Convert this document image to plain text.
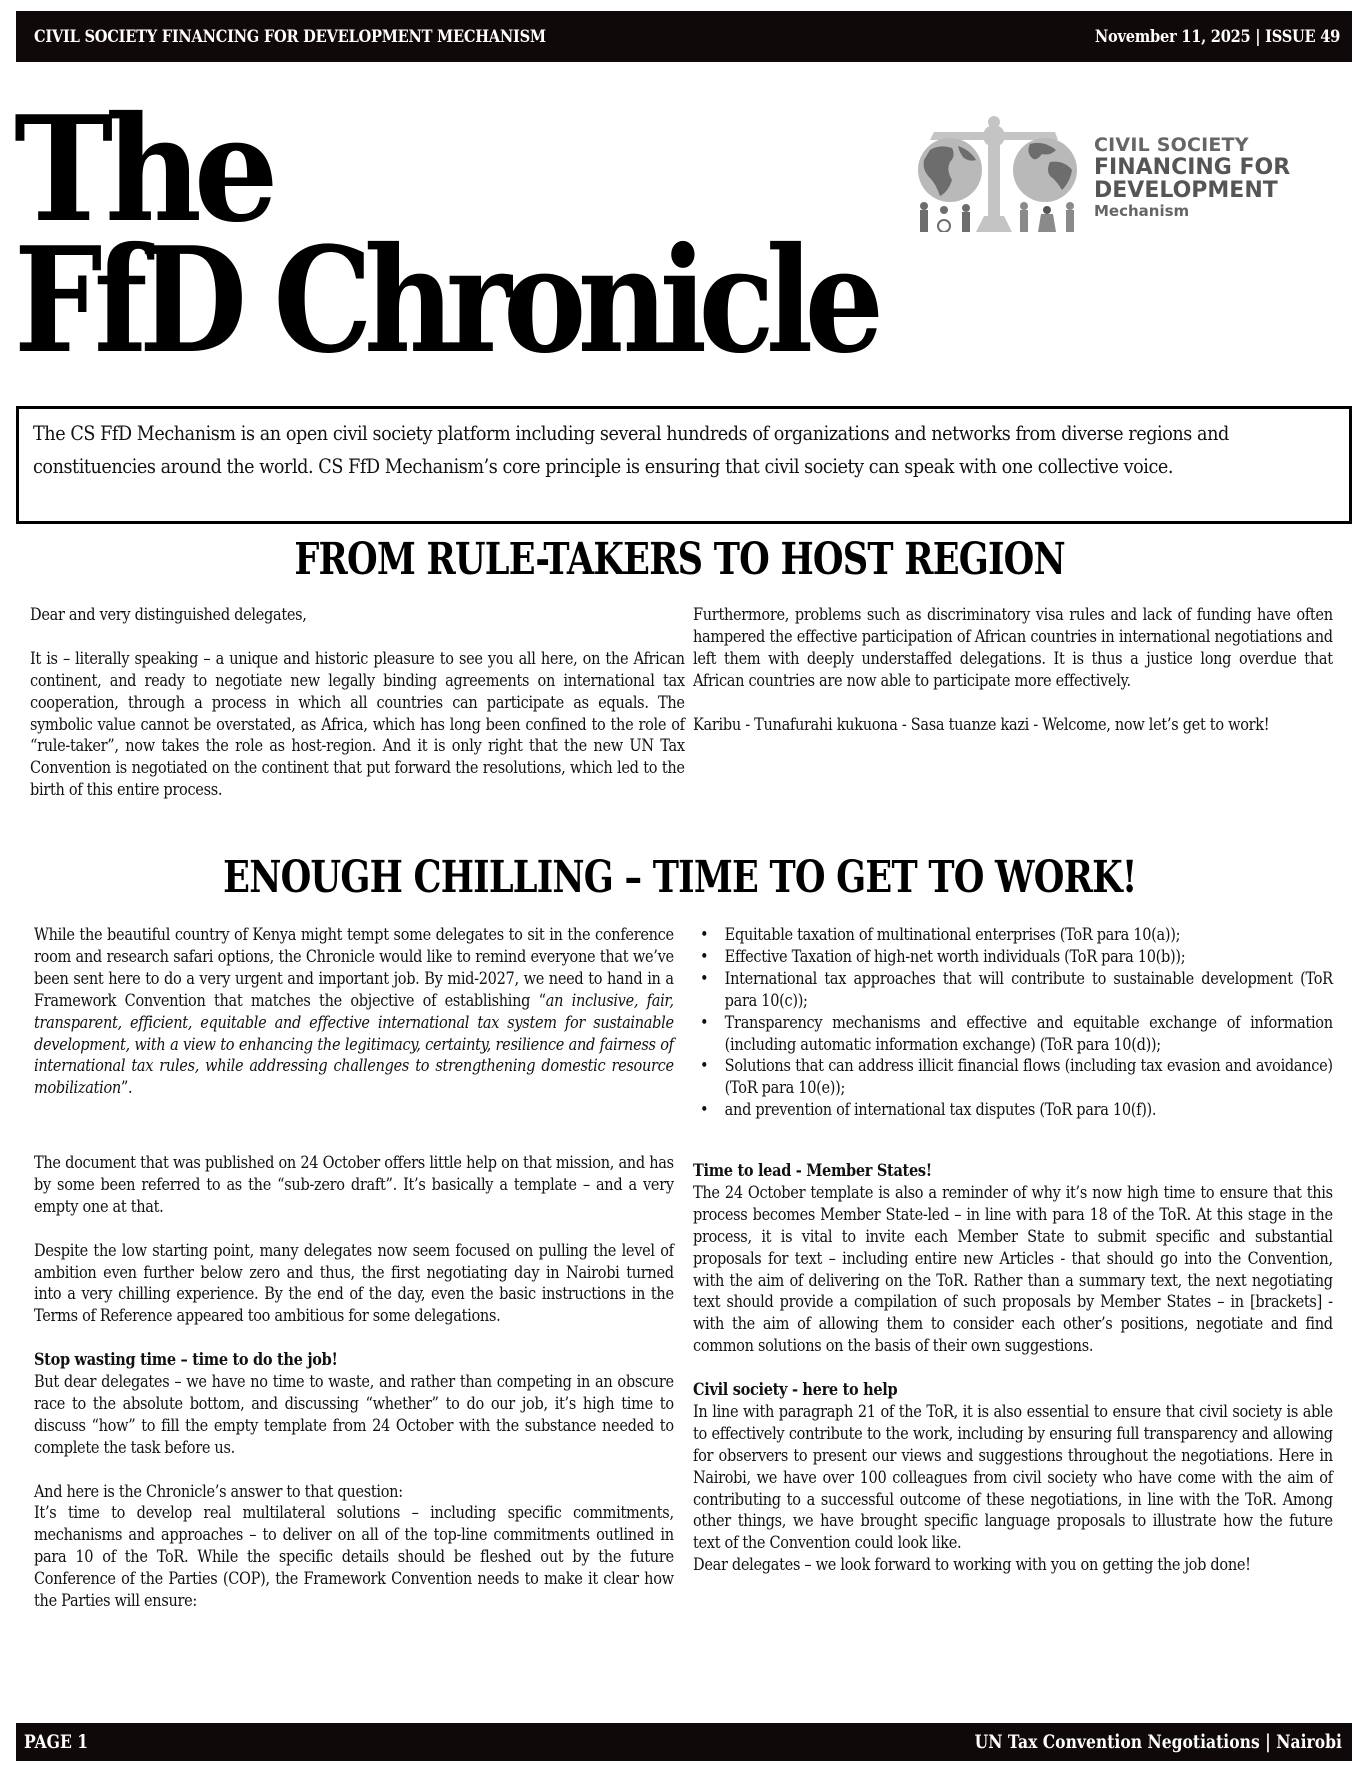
CIVIL SOCIETY FINANCING FOR DEVELOPMENT MECHANISM	November 11, 2025 | ISSUE 49
The
FfD Chronicle
CIVIL SOCIETY
FINANCING FOR
DEVELOPMENT
Mechanism

The CS FfD Mechanism is an open civil society platform including several hundreds of organizations and networks from diverse regions and constituencies around the world. CS FfD Mechanism’s core principle is ensuring that civil society can speak with one collective voice.

FROM RULE-TAKERS TO HOST REGION

Dear and very distinguished delegates,

It is – literally speaking – a unique and historic pleasure to see you all here, on the African continent, and ready to negotiate new legally binding agreements on international tax cooperation, through a process in which all countries can participate as equals. The symbolic value cannot be overstated, as Africa, which has long been confined to the role of “rule-taker”, now takes the role as host-region. And it is only right that the new UN Tax Convention is negotiated on the continent that put forward the resolutions, which led to the birth of this entire process.

Furthermore, problems such as discriminatory visa rules and lack of funding have often hampered the effective participation of African countries in international negotiations and left them with deeply understaffed delegations. It is thus a justice long overdue that African countries are now able to participate more effectively.

Karibu - Tunafurahi kukuona - Sasa tuanze kazi - Welcome, now let’s get to work!

ENOUGH CHILLING – TIME TO GET TO WORK!

While the beautiful country of Kenya might tempt some delegates to sit in the conference room and research safari options, the Chronicle would like to remind everyone that we’ve been sent here to do a very urgent and important job. By mid-2027, we need to hand in a Framework Convention that matches the objective of establishing “an inclusive, fair, transparent, efficient, equitable and effective international tax system for sustainable development, with a view to enhancing the legitimacy, certainty, resilience and fairness of international tax rules, while addressing challenges to strengthening domestic resource mobilization”.

The document that was published on 24 October offers little help on that mission, and has by some been referred to as the “sub-zero draft”. It’s basically a template – and a very empty one at that.

Despite the low starting point, many delegates now seem focused on pulling the level of ambition even further below zero and thus, the first negotiating day in Nairobi turned into a very chilling experience. By the end of the day, even the basic instructions in the Terms of Reference appeared too ambitious for some delegations.

Stop wasting time – time to do the job!

But dear delegates – we have no time to waste, and rather than competing in an obscure race to the absolute bottom, and discussing “whether” to do our job, it’s high time to discuss “how” to fill the empty template from 24 October with the substance needed to complete the task before us.

And here is the Chronicle’s answer to that question:

It’s time to develop real multilateral solutions – including specific commitments, mechanisms and approaches – to deliver on all of the top-line commitments outlined in para 10 of the ToR. While the specific details should be fleshed out by the future Conference of the Parties (COP), the Framework Convention needs to make it clear how the Parties will ensure:

• Equitable taxation of multinational enterprises (ToR para 10(a));
• Effective Taxation of high-net worth individuals (ToR para 10(b));
• International tax approaches that will contribute to sustainable development (ToR para 10(c));
• Transparency mechanisms and effective and equitable exchange of information (including automatic information exchange) (ToR para 10(d));
• Solutions that can address illicit financial flows (including tax evasion and avoidance) (ToR para 10(e));
• and prevention of international tax disputes (ToR para 10(f)).

Time to lead - Member States!

The 24 October template is also a reminder of why it’s now high time to ensure that this process becomes Member State-led – in line with para 18 of the ToR. At this stage in the process, it is vital to invite each Member State to submit specific and substantial proposals for text – including entire new Articles - that should go into the Convention, with the aim of delivering on the ToR. Rather than a summary text, the next negotiating text should provide a compilation of such proposals by Member States – in [brackets] - with the aim of allowing them to consider each other’s positions, negotiate and find common solutions on the basis of their own suggestions.

Civil society - here to help

In line with paragraph 21 of the ToR, it is also essential to ensure that civil society is able to effectively contribute to the work, including by ensuring full transparency and allowing for observers to present our views and suggestions throughout the negotiations. Here in Nairobi, we have over 100 colleagues from civil society who have come with the aim of contributing to a successful outcome of these negotiations, in line with the ToR. Among other things, we have brought specific language proposals to illustrate how the future text of the Convention could look like.

Dear delegates – we look forward to working with you on getting the job done!

PAGE 1	UN Tax Convention Negotiations | Nairobi
